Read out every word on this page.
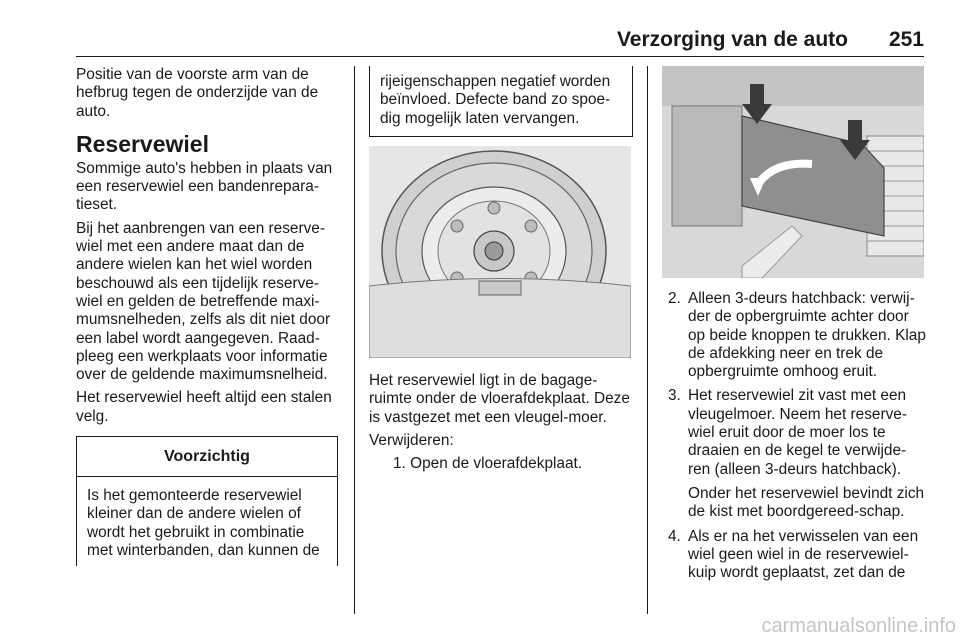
Verzorging van de auto 251

Positie van de voorste arm van de hefbrug tegen de onderzijde van de auto.

Reservewiel

Sommige auto's hebben in plaats van een reservewiel een bandenrepara-tieset.

Bij het aanbrengen van een reserve-wiel met een andere maat dan de andere wielen kan het wiel worden beschouwd als een tijdelijk reserve-wiel en gelden de betreffende maxi-mumsnelheden, zelfs als dit niet door een label wordt aangegeven. Raad-pleeg een werkplaats voor informatie over de geldende maximumsnelheid.

Het reservewiel heeft altijd een stalen velg.

Voorzichtig
Is het gemonteerde reservewiel kleiner dan de andere wielen of wordt het gebruikt in combinatie met winterbanden, dan kunnen de
rijeigenschappen negatief worden beïnvloed. Defecte band zo spoe-dig mogelijk laten vervangen.

Het reservewiel ligt in de bagage-ruimte onder de vloerafdekplaat. Deze is vastgezet met een vleugel-moer.

Verwijderen:

1. Open de vloerafdekplaat.

2. Alleen 3-deurs hatchback: verwij-der de opbergruimte achter door op beide knoppen te drukken. Klap de afdekking neer en trek de opbergruimte omhoog eruit.
3. Het reservewiel zit vast met een vleugelmoer. Neem het reserve-wiel eruit door de moer los te draaien en de kegel te verwijde-ren (alleen 3-deurs hatchback).
Onder het reservewiel bevindt zich de kist met boordgereed-schap.
4. Als er na het verwisselen van een wiel geen wiel in de reservewiel-kuip wordt geplaatst, zet dan de
carmanualsonline.info
